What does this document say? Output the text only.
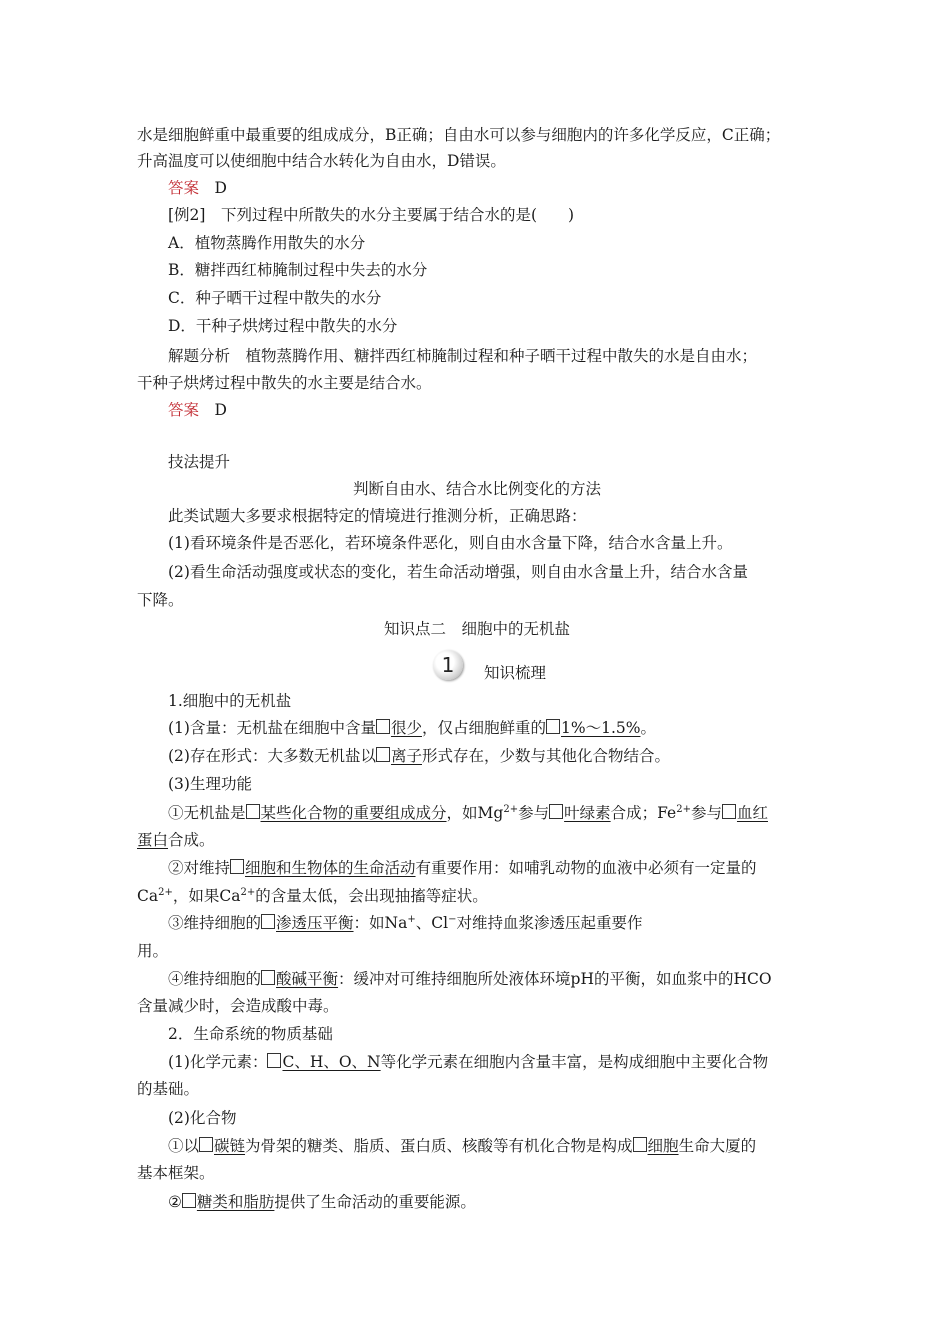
水是细胞鲜重中最重要的组成成分，B正确；自由水可以参与细胞内的许多化学反应，C正确；
升高温度可以使细胞中结合水转化为自由水，D错误。
答案　 D
[例2]　下列过程中所散失的水分主要属于结合水的是(　　)
A．植物蒸腾作用散失的水分
B．糖拌西红柿腌制过程中失去的水分
C．种子晒干过程中散失的水分
D．干种子烘烤过程中散失的水分
解题分析　植物蒸腾作用、糖拌西红柿腌制过程和种子晒干过程中散失的水是自由水；
干种子烘烤过程中散失的水主要是结合水。
答案　 D
技法提升
判断自由水、结合水比例变化的方法
此类试题大多要求根据特定的情境进行推测分析，正确思路：
(1)看环境条件是否恶化，若环境条件恶化，则自由水含量下降，结合水含量上升。
(2)看生命活动强度或状态的变化，若生命活动增强，则自由水含量上升，结合水含量
下降。
知识点二　细胞中的无机盐
1	知识梳理
1.细胞中的无机盐
(1)含量：无机盐在细胞中含量 很少，仅占细胞鲜重的 1%～1.5%。
(2)存在形式：大多数无机盐以 离子形式存在，少数与其他化合物结合。
(3)生理功能
①无机盐是 某些化合物的重要组成成分，如$Mg^{2+}$参与 叶绿素合成；$Fe^{2+}$参与 血红
蛋白合成。
②对维持 细胞和生物体的生命活动有重要作用：如哺乳动物的血液中必须有一定量的
$Ca^{2+}$，如果$Ca^{2+}$的含量太低，会出现抽搐等症状。
③维持细胞的 渗透压平衡：如Na+、Cl−对维持血浆渗透压起重要作
用。
④维持细胞的 酸碱平衡：缓冲对可维持细胞所处液体环境pH的平衡，如血浆中的HCO
含量减少时，会造成酸中毒。
2．生命系统的物质基础
(1)化学元素： C、H、O、N等化学元素在细胞内含量丰富，是构成细胞中主要化合物
的基础。
(2)化合物
①以 碳链为骨架的糖类、脂质、蛋白质、核酸等有机化合物是构成 细胞生命大厦的
基本框架。
② 糖类和脂肪提供了生命活动的重要能源。
